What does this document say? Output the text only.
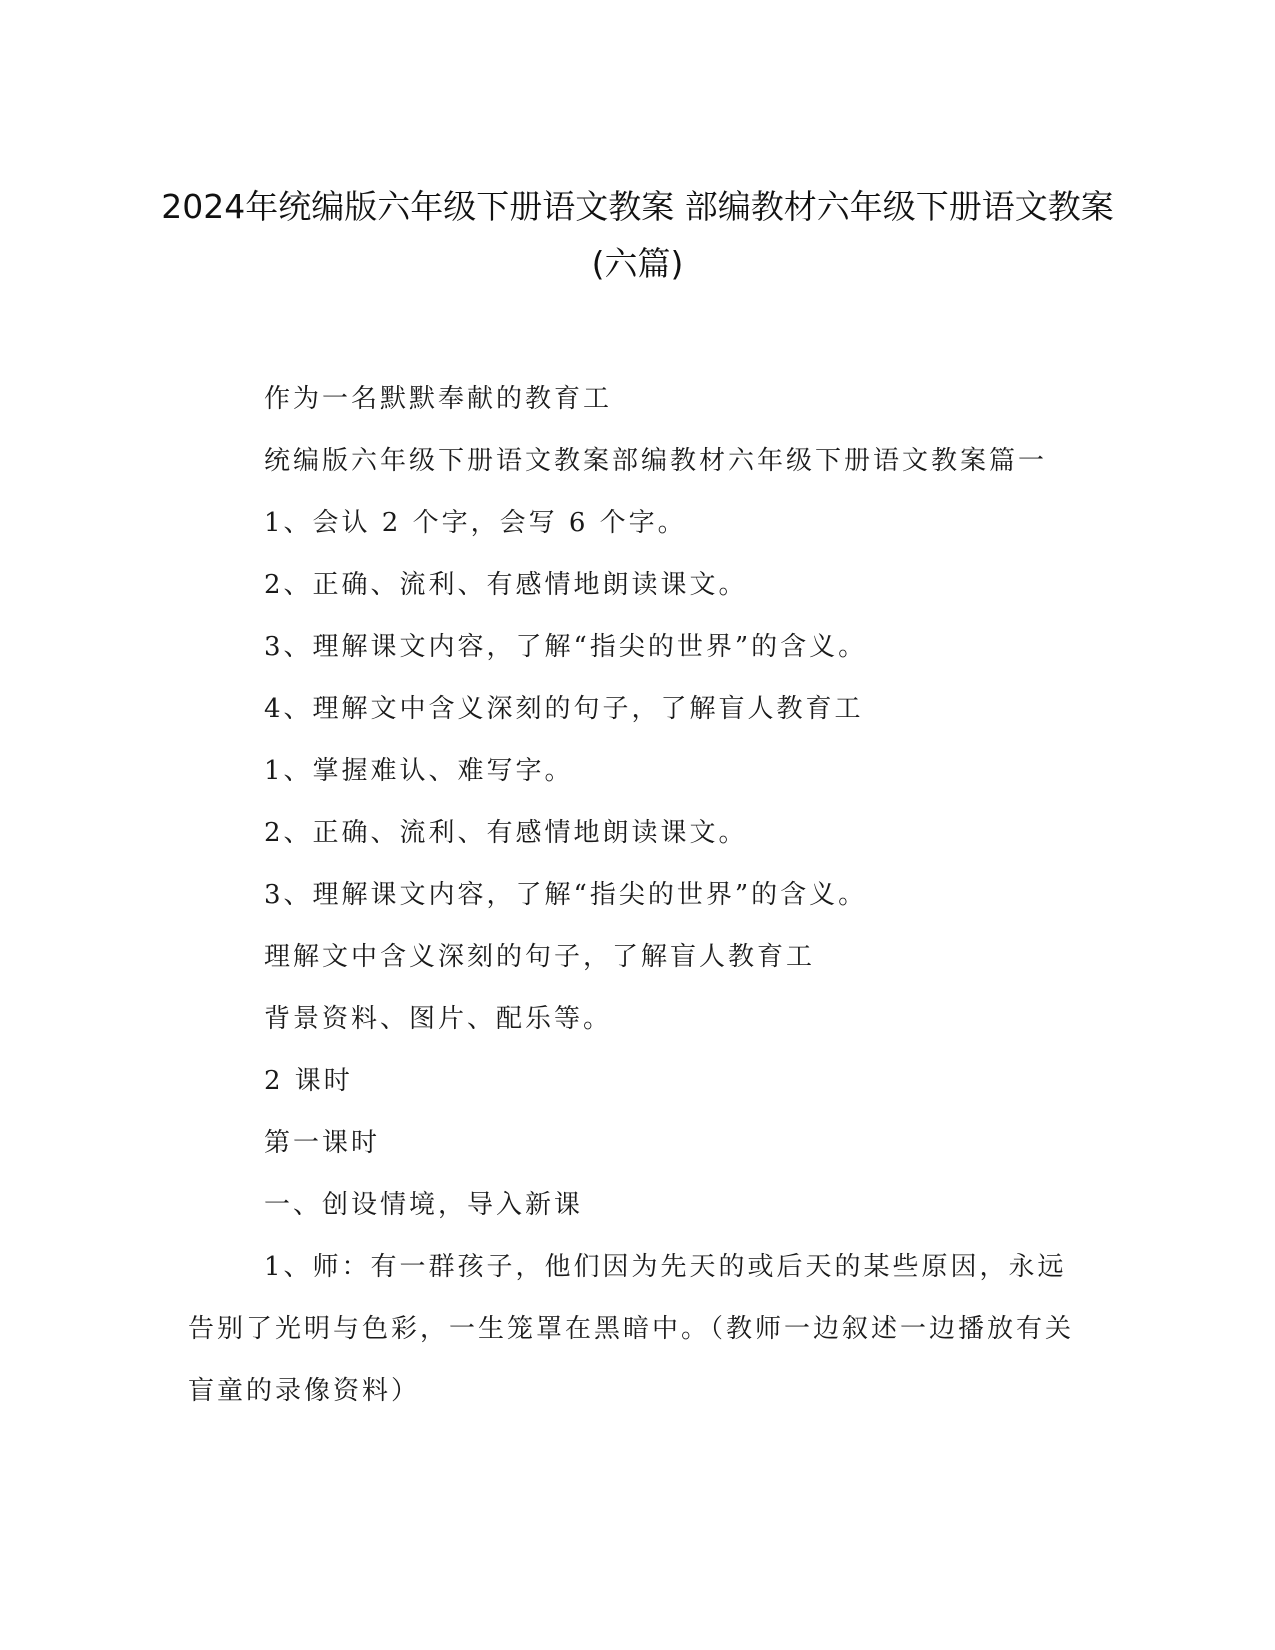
2024年统编版六年级下册语文教案 部编教材六年级下册语文教案(六篇)
作为一名默默奉献的教育工
统编版六年级下册语文教案部编教材六年级下册语文教案篇一
1、会认 2 个字，会写 6 个字。
2、正确、流利、有感情地朗读课文。
3、理解课文内容，了解“指尖的世界”的含义。
4、理解文中含义深刻的句子，了解盲人教育工
1、掌握难认、难写字。
2、正确、流利、有感情地朗读课文。
3、理解课文内容，了解“指尖的世界”的含义。
理解文中含义深刻的句子，了解盲人教育工
背景资料、图片、配乐等。
2 课时
第一课时
一、创设情境，导入新课

1、师：有一群孩子，他们因为先天的或后天的某些原因，永远告别了光明与色彩，一生笼罩在黑暗中。（教师一边叙述一边播放有关盲童的录像资料）
